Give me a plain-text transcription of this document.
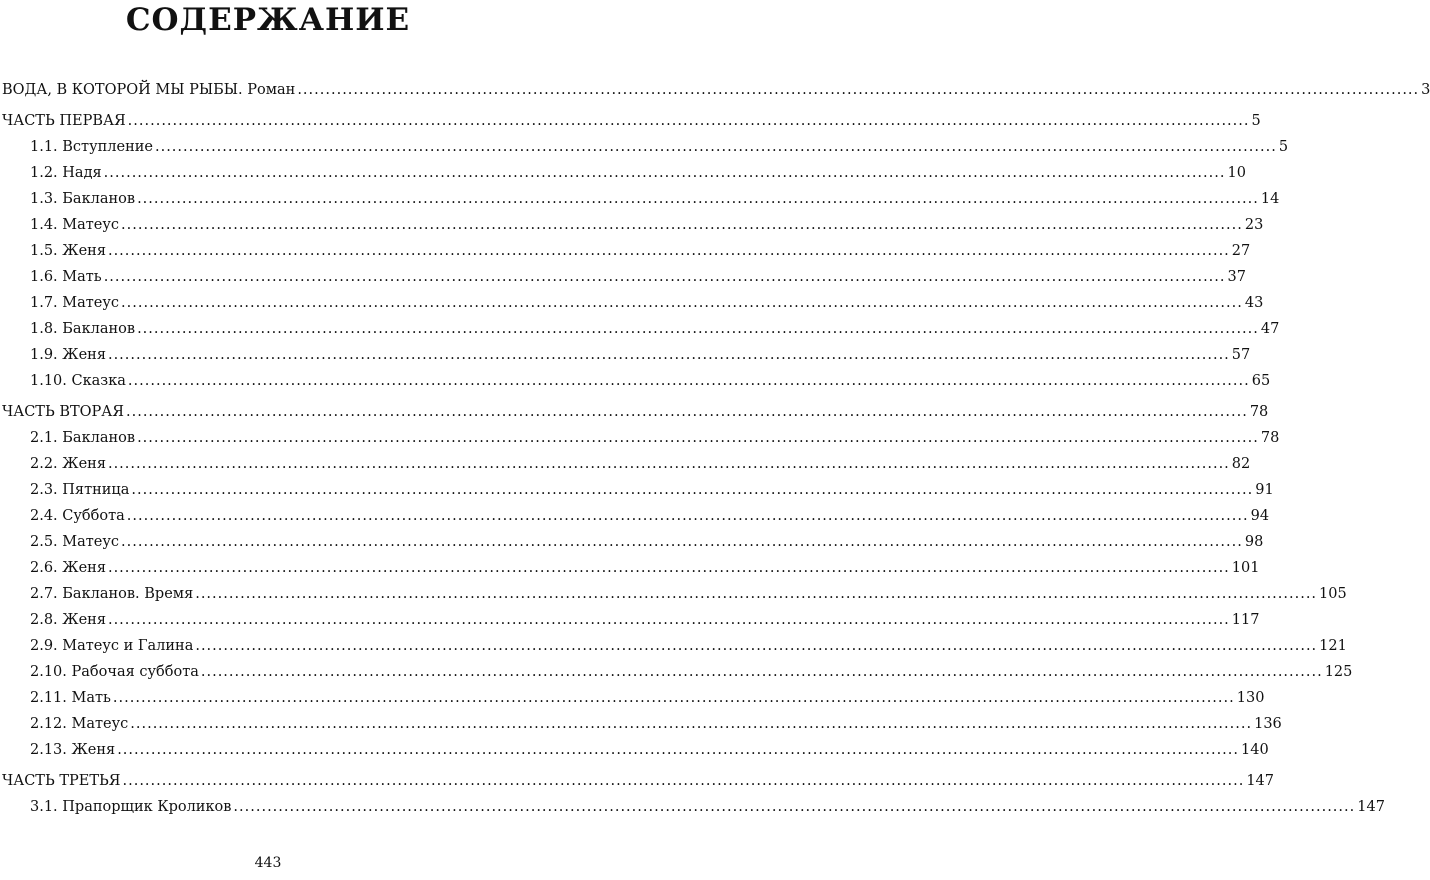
СОДЕРЖАНИЕ
ВОДА, В КОТОРОЙ МЫ РЫБЫ. Роман ........................................................................................................................................................................................................ 3
ЧАСТЬ ПЕРВАЯ ........................................................................................................................................................................................................ 5
1.1. Вступление ........................................................................................................................................................................................................ 5
1.2. Надя ........................................................................................................................................................................................................ 10
1.3. Бакланов ........................................................................................................................................................................................................ 14
1.4. Матеус ........................................................................................................................................................................................................ 23
1.5. Женя ........................................................................................................................................................................................................ 27
1.6. Мать ........................................................................................................................................................................................................ 37
1.7. Матеус ........................................................................................................................................................................................................ 43
1.8. Бакланов ........................................................................................................................................................................................................ 47
1.9. Женя ........................................................................................................................................................................................................ 57
1.10. Сказка ........................................................................................................................................................................................................ 65
ЧАСТЬ ВТОРАЯ ........................................................................................................................................................................................................ 78
2.1. Бакланов ........................................................................................................................................................................................................ 78
2.2. Женя ........................................................................................................................................................................................................ 82
2.3. Пятница ........................................................................................................................................................................................................ 91
2.4. Суббота ........................................................................................................................................................................................................ 94
2.5. Матеус ........................................................................................................................................................................................................ 98
2.6. Женя ........................................................................................................................................................................................................ 101
2.7. Бакланов. Время ........................................................................................................................................................................................................ 105
2.8. Женя ........................................................................................................................................................................................................ 117
2.9. Матеус и Галина ........................................................................................................................................................................................................ 121
2.10. Рабочая суббота ........................................................................................................................................................................................................ 125
2.11. Мать ........................................................................................................................................................................................................ 130
2.12. Матеус ........................................................................................................................................................................................................ 136
2.13. Женя ........................................................................................................................................................................................................ 140
ЧАСТЬ ТРЕТЬЯ ........................................................................................................................................................................................................ 147
3.1. Прапорщик Кроликов ........................................................................................................................................................................................................ 147
443
